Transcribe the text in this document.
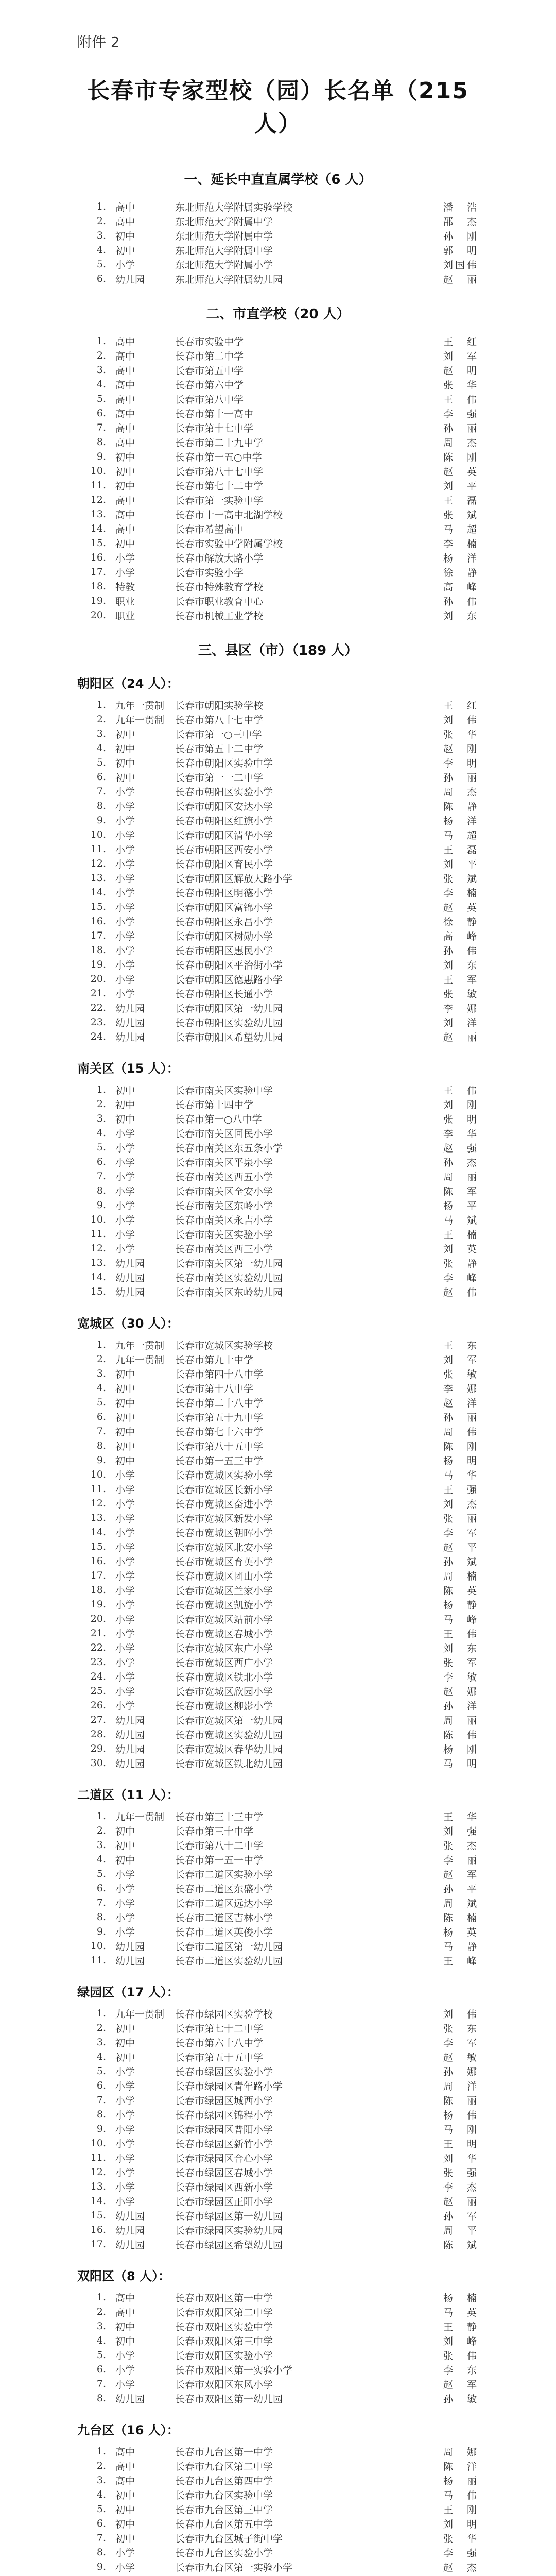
附件 2
长春市专家型校（园）长名单（215 人）
一、延长中直直属学校（6 人）
1. 高中	东北师范大学附属实验学校	潘　浩
2. 高中	东北师范大学附属中学	邵　杰
3. 初中	东北师范大学附属中学	孙　刚
4. 初中	东北师范大学附属中学	郭　明
5. 小学	东北师范大学附属小学	刘国伟
6. 幼儿园	东北师范大学附属幼儿园	赵　丽
二、市直学校（20 人）
1. 高中	长春市实验中学	王　红
2. 高中	长春市第二中学	刘　军
3. 高中	长春市第五中学	赵　明
4. 高中	长春市第六中学	张　华
5. 高中	长春市第八中学	王　伟
6. 高中	长春市第十一高中	李　强
7. 高中	长春市第十七中学	孙　丽
8. 高中	长春市第二十九中学	周　杰
9. 初中	长春市第一五○中学	陈　刚
10. 初中	长春市第八十七中学	赵　英
11. 初中	长春市第七十二中学	刘　平
12. 高中	长春市第一实验中学	王　磊
13. 高中	长春市十一高中北湖学校	张　斌
14. 高中	长春市希望高中	马　超
15. 初中	长春市实验中学附属学校	李　楠
16. 小学	长春市解放大路小学	杨　洋
17. 小学	长春市实验小学	徐　静
18. 特教	长春市特殊教育学校	高　峰
19. 职业	长春市职业教育中心	孙　伟
20. 职业	长春市机械工业学校	刘　东
三、县区（市）（189 人）
朝阳区（24 人）：
1. 九年一贯制	长春市朝阳实验学校	王　红
2. 九年一贯制	长春市第八十七中学	刘　伟
3. 初中	长春市第一○三中学	张　华
4. 初中	长春市第五十二中学	赵　刚
5. 初中	长春市朝阳区实验中学	李　明
6. 初中	长春市第一一二中学	孙　丽
7. 小学	长春市朝阳区实验小学	周　杰
8. 小学	长春市朝阳区安达小学	陈　静
9. 小学	长春市朝阳区红旗小学	杨　洋
10. 小学	长春市朝阳区清华小学	马　超
11. 小学	长春市朝阳区西安小学	王　磊
12. 小学	长春市朝阳区育民小学	刘　平
13. 小学	长春市朝阳区解放大路小学	张　斌
14. 小学	长春市朝阳区明德小学	李　楠
15. 小学	长春市朝阳区富锦小学	赵　英
16. 小学	长春市朝阳区永昌小学	徐　静
17. 小学	长春市朝阳区树勋小学	高　峰
18. 小学	长春市朝阳区惠民小学	孙　伟
19. 小学	长春市朝阳区平治街小学	刘　东
20. 小学	长春市朝阳区德惠路小学	王　军
21. 小学	长春市朝阳区长通小学	张　敏
22. 幼儿园	长春市朝阳区第一幼儿园	李　娜
23. 幼儿园	长春市朝阳区实验幼儿园	刘　洋
24. 幼儿园	长春市朝阳区希望幼儿园	赵　丽
南关区（15 人）：
1. 初中	长春市南关区实验中学	王　伟
2. 初中	长春市第十四中学	刘　刚
3. 初中	长春市第一○八中学	张　明
4. 小学	长春市南关区回民小学	李　华
5. 小学	长春市南关区东五条小学	赵　强
6. 小学	长春市南关区平泉小学	孙　杰
7. 小学	长春市南关区西五小学	周　丽
8. 小学	长春市南关区全安小学	陈　军
9. 小学	长春市南关区东岭小学	杨　平
10. 小学	长春市南关区永吉小学	马　斌
11. 小学	长春市南关区实验小学	王　楠
12. 小学	长春市南关区西三小学	刘　英
13. 幼儿园	长春市南关区第一幼儿园	张　静
14. 幼儿园	长春市南关区实验幼儿园	李　峰
15. 幼儿园	长春市南关区东岭幼儿园	赵　伟
宽城区（30 人）：
1. 九年一贯制	长春市宽城区实验学校	王　东
2. 九年一贯制	长春市第九十中学	刘　军
3. 初中	长春市第四十八中学	张　敏
4. 初中	长春市第十八中学	李　娜
5. 初中	长春市第二十八中学	赵　洋
6. 初中	长春市第五十九中学	孙　丽
7. 初中	长春市第七十六中学	周　伟
8. 初中	长春市第八十五中学	陈　刚
9. 初中	长春市第一五三中学	杨　明
10. 小学	长春市宽城区实验小学	马　华
11. 小学	长春市宽城区长新小学	王　强
12. 小学	长春市宽城区奋进小学	刘　杰
13. 小学	长春市宽城区新发小学	张　丽
14. 小学	长春市宽城区朝晖小学	李　军
15. 小学	长春市宽城区北安小学	赵　平
16. 小学	长春市宽城区育英小学	孙　斌
17. 小学	长春市宽城区团山小学	周　楠
18. 小学	长春市宽城区兰家小学	陈　英
19. 小学	长春市宽城区凯旋小学	杨　静
20. 小学	长春市宽城区站前小学	马　峰
21. 小学	长春市宽城区春城小学	王　伟
22. 小学	长春市宽城区东广小学	刘　东
23. 小学	长春市宽城区西广小学	张　军
24. 小学	长春市宽城区铁北小学	李　敏
25. 小学	长春市宽城区欣园小学	赵　娜
26. 小学	长春市宽城区柳影小学	孙　洋
27. 幼儿园	长春市宽城区第一幼儿园	周　丽
28. 幼儿园	长春市宽城区实验幼儿园	陈　伟
29. 幼儿园	长春市宽城区春华幼儿园	杨　刚
30. 幼儿园	长春市宽城区铁北幼儿园	马　明
二道区（11 人）：
1. 九年一贯制	长春市第三十三中学	王　华
2. 初中	长春市第三十中学	刘　强
3. 初中	长春市第八十二中学	张　杰
4. 初中	长春市第一五一中学	李　丽
5. 小学	长春市二道区实验小学	赵　军
6. 小学	长春市二道区东盛小学	孙　平
7. 小学	长春市二道区远达小学	周　斌
8. 小学	长春市二道区吉林小学	陈　楠
9. 小学	长春市二道区英俊小学	杨　英
10. 幼儿园	长春市二道区第一幼儿园	马　静
11. 幼儿园	长春市二道区实验幼儿园	王　峰
绿园区（17 人）：
1. 九年一贯制	长春市绿园区实验学校	刘　伟
2. 初中	长春市第七十二中学	张　东
3. 初中	长春市第六十八中学	李　军
4. 初中	长春市第五十五中学	赵　敏
5. 小学	长春市绿园区实验小学	孙　娜
6. 小学	长春市绿园区青年路小学	周　洋
7. 小学	长春市绿园区城西小学	陈　丽
8. 小学	长春市绿园区锦程小学	杨　伟
9. 小学	长春市绿园区普阳小学	马　刚
10. 小学	长春市绿园区新竹小学	王　明
11. 小学	长春市绿园区合心小学	刘　华
12. 小学	长春市绿园区春城小学	张　强
13. 小学	长春市绿园区西新小学	李　杰
14. 小学	长春市绿园区正阳小学	赵　丽
15. 幼儿园	长春市绿园区第一幼儿园	孙　军
16. 幼儿园	长春市绿园区实验幼儿园	周　平
17. 幼儿园	长春市绿园区希望幼儿园	陈　斌
双阳区（8 人）：
1. 高中	长春市双阳区第一中学	杨　楠
2. 高中	长春市双阳区第二中学	马　英
3. 初中	长春市双阳区实验中学	王　静
4. 初中	长春市双阳区第三中学	刘　峰
5. 小学	长春市双阳区实验小学	张　伟
6. 小学	长春市双阳区第一实验小学	李　东
7. 小学	长春市双阳区东风小学	赵　军
8. 幼儿园	长春市双阳区第一幼儿园	孙　敏
九台区（16 人）：
1. 高中	长春市九台区第一中学	周　娜
2. 高中	长春市九台区第二中学	陈　洋
3. 高中	长春市九台区第四中学	杨　丽
4. 初中	长春市九台区实验中学	马　伟
5. 初中	长春市九台区第三中学	王　刚
6. 初中	长春市九台区第五中学	刘　明
7. 初中	长春市九台区城子街中学	张　华
8. 小学	长春市九台区实验小学	李　强
9. 小学	长春市九台区第一实验小学	赵　杰
